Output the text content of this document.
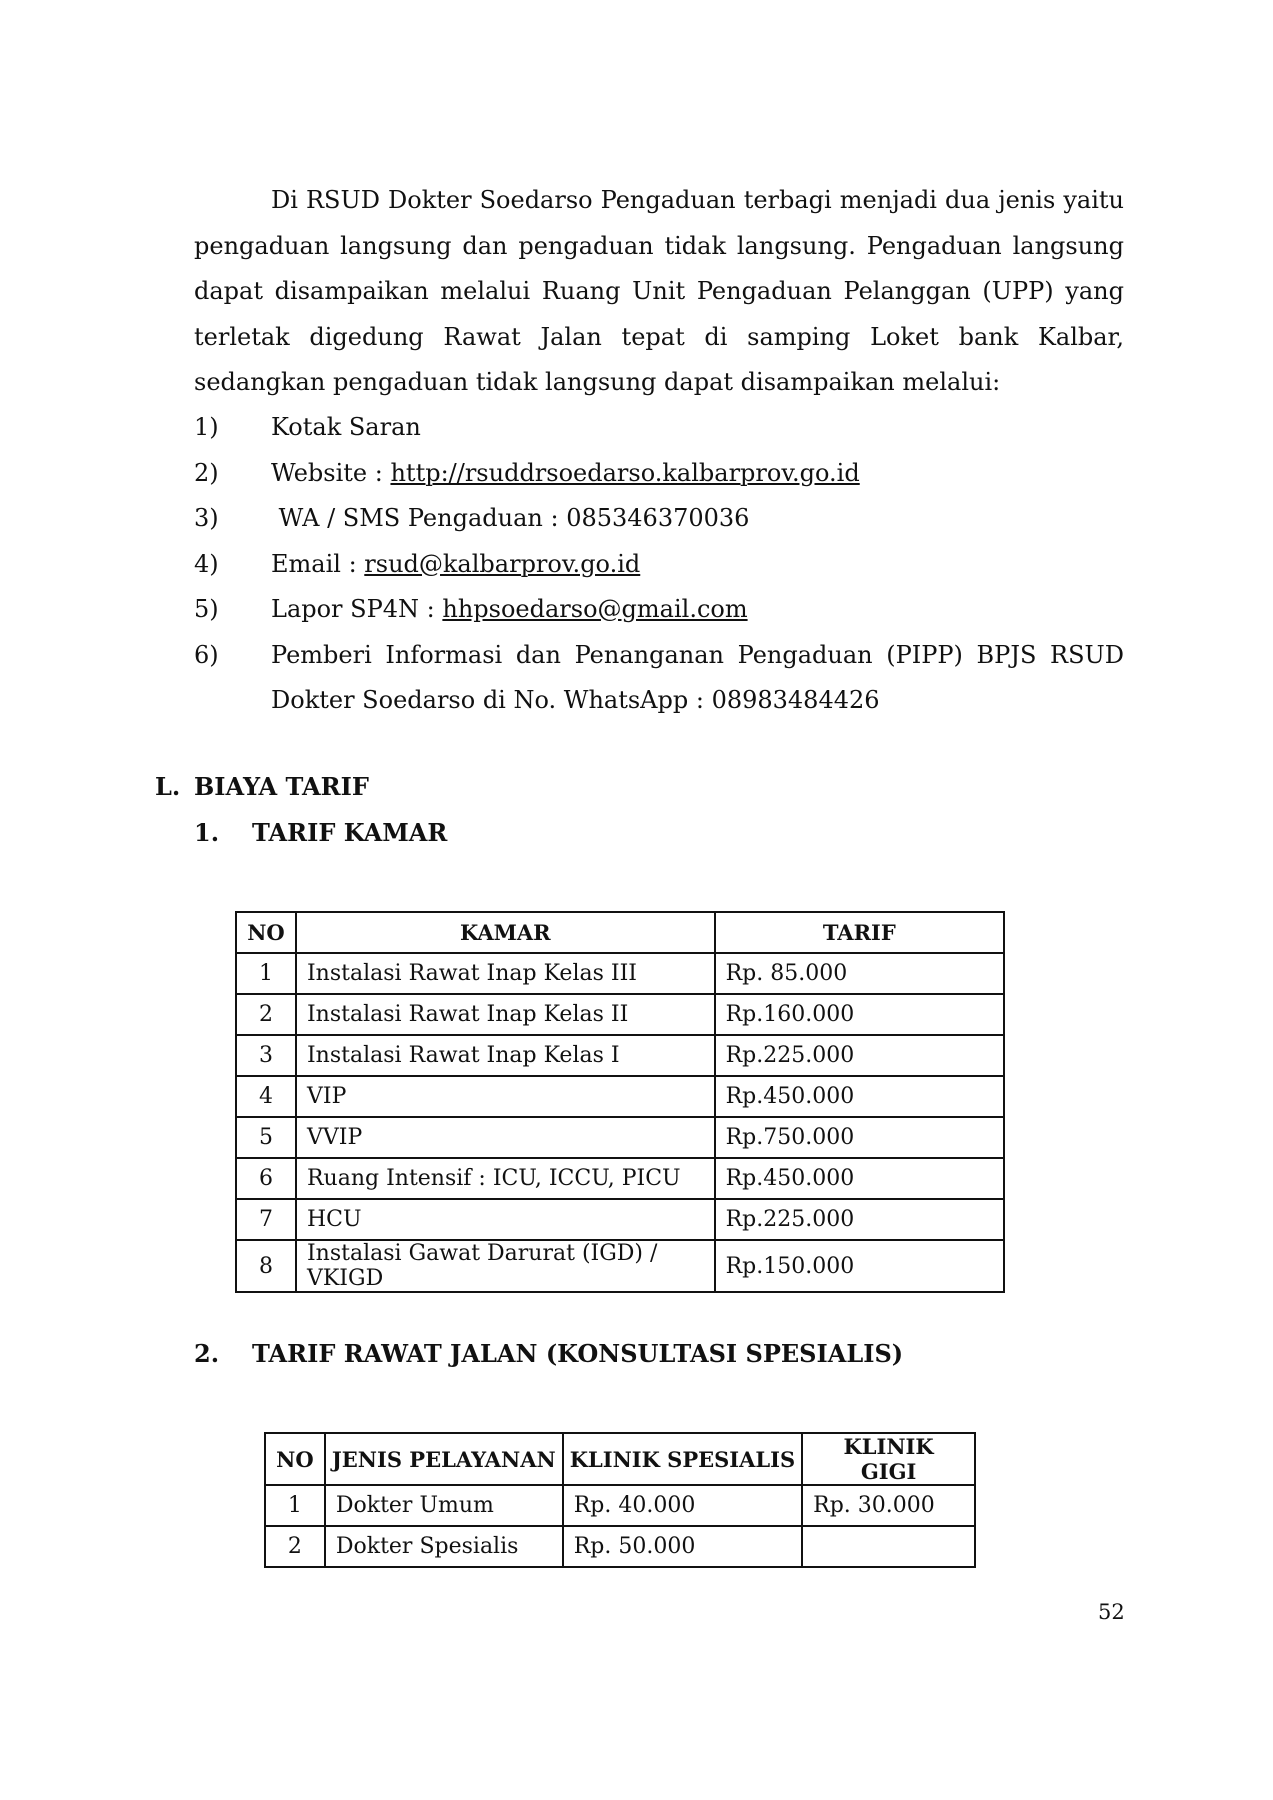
Di RSUD Dokter Soedarso Pengaduan terbagi menjadi dua jenis yaitu pengaduan langsung dan pengaduan tidak langsung. Pengaduan langsung dapat disampaikan melalui Ruang Unit Pengaduan Pelanggan (UPP) yang terletak digedung Rawat Jalan tepat di samping Loket bank Kalbar, sedangkan pengaduan tidak langsung dapat disampaikan melalui:
1) Kotak Saran
2) Website : http://rsuddrsoedarso.kalbarprov.go.id
3) WA / SMS Pengaduan : 085346370036
4) Email : rsud@kalbarprov.go.id
5) Lapor SP4N : hhpsoedarso@gmail.com
6) Pemberi Informasi dan Penanganan Pengaduan (PIPP) BPJS RSUD Dokter Soedarso di No. WhatsApp : 08983484426
L. BIAYA TARIF
1. TARIF KAMAR
NO	KAMAR	TARIF
1	Instalasi Rawat Inap Kelas III	Rp. 85.000
2	Instalasi Rawat Inap Kelas II	Rp.160.000
3	Instalasi Rawat Inap Kelas I	Rp.225.000
4	VIP	Rp.450.000
5	VVIP	Rp.750.000
6	Ruang Intensif : ICU, ICCU, PICU	Rp.450.000
7	HCU	Rp.225.000
8	Instalasi Gawat Darurat (IGD) / VKIGD	Rp.150.000
2. TARIF RAWAT JALAN (KONSULTASI SPESIALIS)
NO	JENIS PELAYANAN	KLINIK SPESIALIS	KLINIK GIGI
1	Dokter Umum	Rp. 40.000	Rp. 30.000
2	Dokter Spesialis	Rp. 50.000	
52
